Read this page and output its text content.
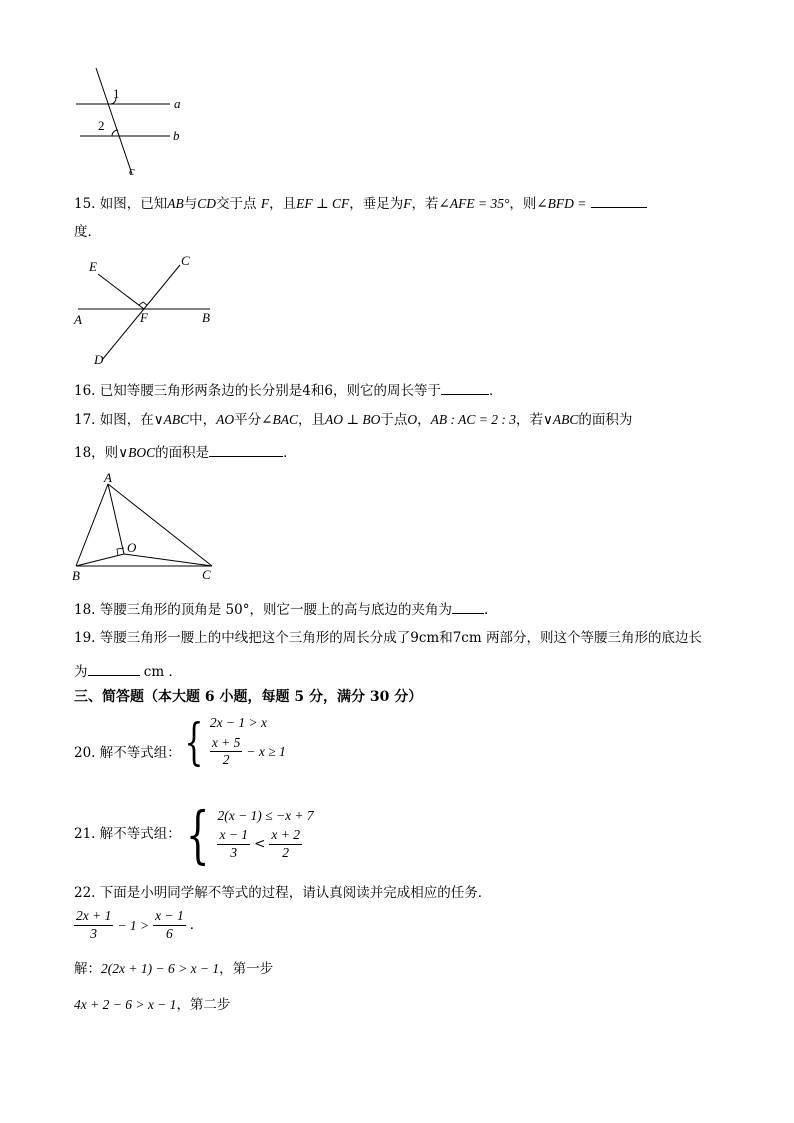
1
2
a
b
c
15. 如图，已知AB与CD交于点 F，且EF ⊥ CF，垂足为F，若∠AFE = 35°，则∠BFD =
度．
E	C
A	F	B
D
16. 已知等腰三角形两条边的长分别是4和6，则它的周长等于	．
17. 如图，在∨ABC中，AO平分∠BAC，且AO ⊥ BO于点O，AB : AC = 2 : 3，若∨ABC的面积为
18，则∨BOC的面积是	．
A
O
B	C
18. 等腰三角形的顶角是 50°，则它一腰上的高与底边的夹角为 .
19. 等腰三角形一腰上的中线把这个三角形的周长分成了9cm和7cm 两部分，则这个等腰三角形的底边长
为	cm ．
三、简答题（本大题 6 小题，每题 5 分，满分 30 分）
20. 解不等式组： { 2x − 1 > x
$\frac{x + 5}{2} - x \ge 1$
21. 解不等式组： { 2(x − 1) ≤ −x + 7
$\frac{x - 1}{3} < \frac{x + 2}{2}$
22. 下面是小明同学解不等式的过程，请认真阅读并完成相应的任务．
$\frac{2x + 1}{3} - 1 > \frac{x - 1}{6}$ ．
解：2(2x + 1) − 6 > x − 1，第一步
4x + 2 − 6 > x − 1，第二步
